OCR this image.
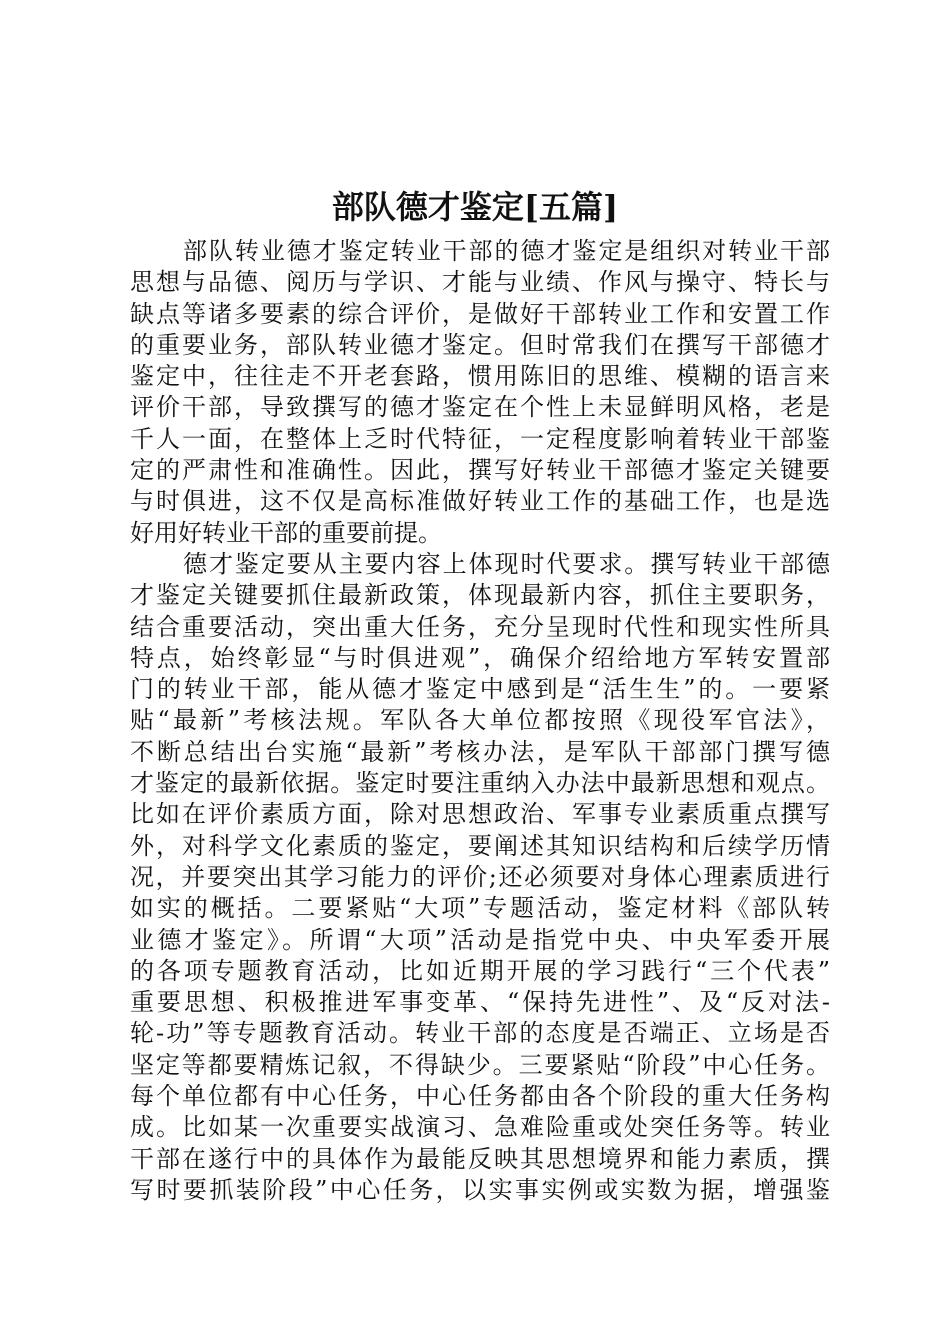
部队德才鉴定[五篇]
部队转业德才鉴定转业干部的德才鉴定是组织对转业干部
思想与品德、阅历与学识、才能与业绩、作风与操守、特长与
缺点等诸多要素的综合评价，是做好干部转业工作和安置工作
的重要业务，部队转业德才鉴定。但时常我们在撰写干部德才
鉴定中，往往走不开老套路，惯用陈旧的思维、模糊的语言来
评价干部，导致撰写的德才鉴定在个性上未显鲜明风格，老是
千人一面，在整体上乏时代特征，一定程度影响着转业干部鉴
定的严肃性和准确性。因此，撰写好转业干部德才鉴定关键要
与时俱进，这不仅是高标准做好转业工作的基础工作，也是选
好用好转业干部的重要前提。
德才鉴定要从主要内容上体现时代要求。撰写转业干部德
才鉴定关键要抓住最新政策，体现最新内容，抓住主要职务，
结合重要活动，突出重大任务，充分呈现时代性和现实性所具
特点，始终彰显“与时俱进观”，确保介绍给地方军转安置部
门的转业干部，能从德才鉴定中感到是“活生生”的。一要紧
贴“最新”考核法规。军队各大单位都按照《现役军官法》，
不断总结出台实施“最新”考核办法，是军队干部部门撰写德
才鉴定的最新依据。鉴定时要注重纳入办法中最新思想和观点。
比如在评价素质方面，除对思想政治、军事专业素质重点撰写
外，对科学文化素质的鉴定，要阐述其知识结构和后续学历情
况，并要突出其学习能力的评价;还必须要对身体心理素质进行
如实的概括。二要紧贴“大项”专题活动，鉴定材料《部队转
业德才鉴定》。所谓“大项”活动是指党中央、中央军委开展
的各项专题教育活动，比如近期开展的学习践行“三个代表”
重要思想、积极推进军事变革、“保持先进性”、及“反对法-
轮-功”等专题教育活动。转业干部的态度是否端正、立场是否
坚定等都要精炼记叙，不得缺少。三要紧贴“阶段”中心任务。
每个单位都有中心任务，中心任务都由各个阶段的重大任务构
成。比如某一次重要实战演习、急难险重或处突任务等。转业
干部在遂行中的具体作为最能反映其思想境界和能力素质，撰
写时要抓装阶段”中心任务，以实事实例或实数为据，增强鉴
